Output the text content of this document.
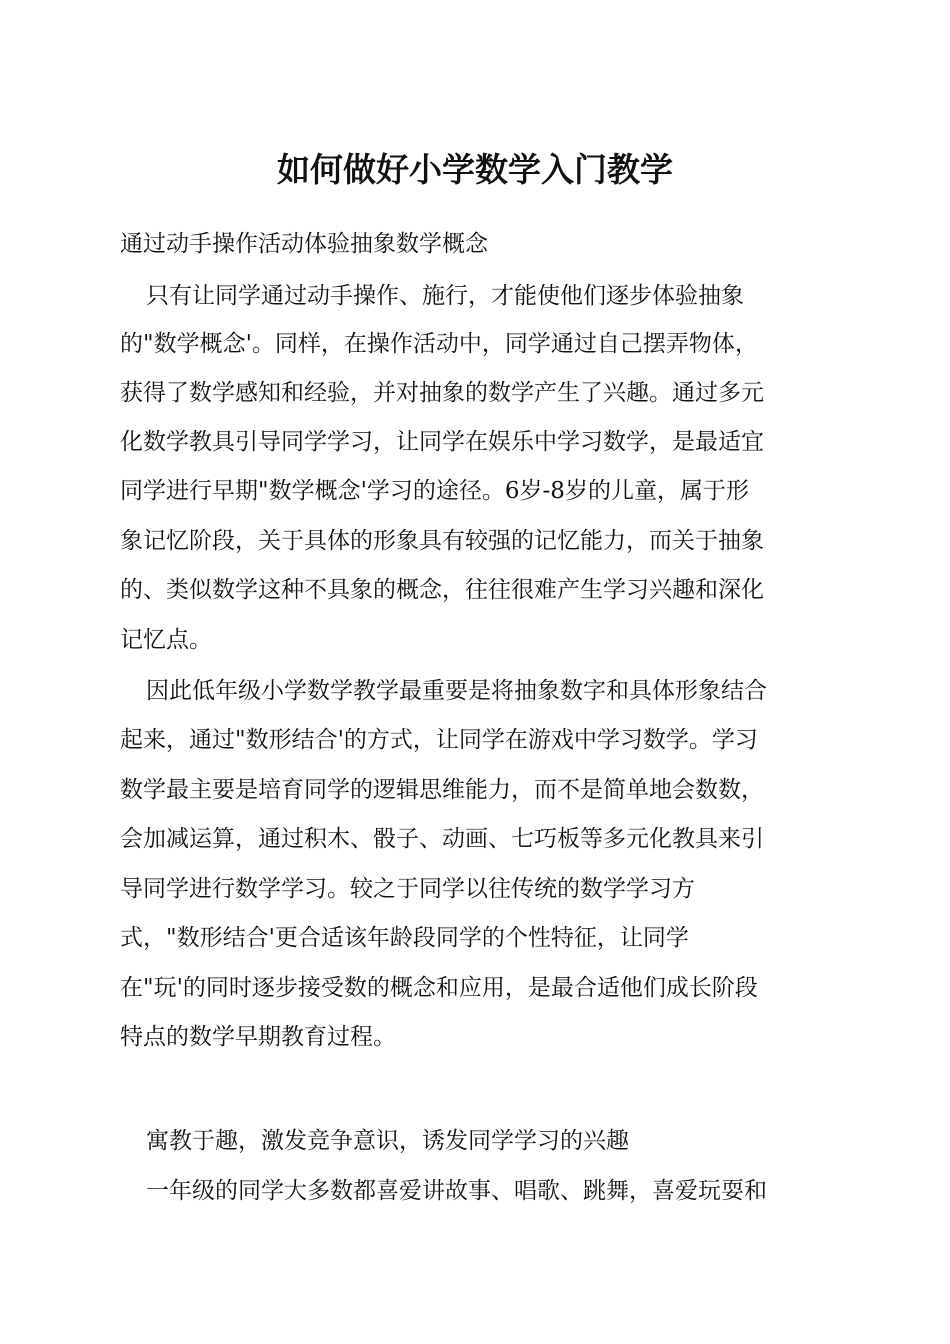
如何做好小学数学入门教学

通过动手操作活动体验抽象数学概念

只有让同学通过动手操作、施行，才能使他们逐步体验抽象

的"数学概念'。同样，在操作活动中，同学通过自己摆弄物体，

获得了数学感知和经验，并对抽象的数学产生了兴趣。通过多元

化数学教具引导同学学习，让同学在娱乐中学习数学，是最适宜

同学进行早期"数学概念'学习的途径。6岁-8岁的儿童，属于形

象记忆阶段，关于具体的形象具有较强的记忆能力，而关于抽象

的、类似数学这种不具象的概念，往往很难产生学习兴趣和深化

记忆点。

因此低年级小学数学教学最重要是将抽象数字和具体形象结合

起来，通过"数形结合'的方式，让同学在游戏中学习数学。学习

数学最主要是培育同学的逻辑思维能力，而不是简单地会数数，

会加减运算，通过积木、骰子、动画、七巧板等多元化教具来引

导同学进行数学学习。较之于同学以往传统的数学学习方

式，"数形结合'更合适该年龄段同学的个性特征，让同学

在"玩'的同时逐步接受数的概念和应用，是最合适他们成长阶段

特点的数学早期教育过程。

寓教于趣，激发竞争意识，诱发同学学习的兴趣

一年级的同学大多数都喜爱讲故事、唱歌、跳舞，喜爱玩耍和
